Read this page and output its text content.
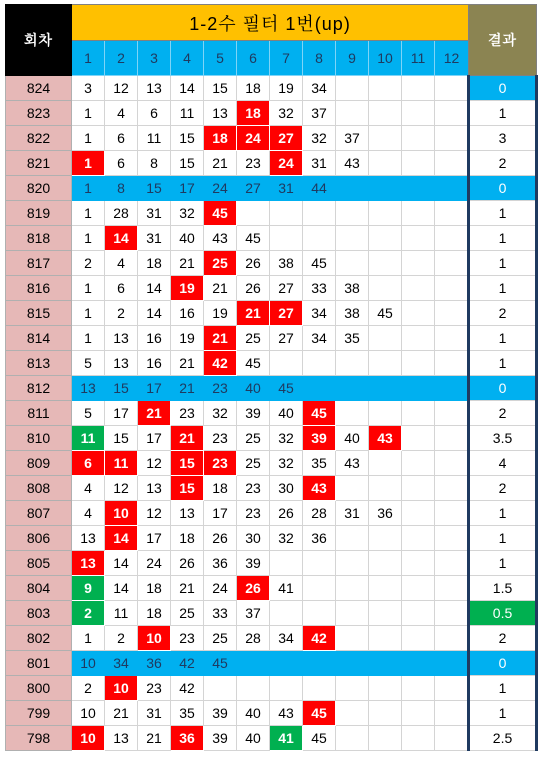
회차	1-2수 필터 1번(up)												결과
	1	2	3	4	5	6	7	8	9	10	11	12	
824	3	12	13	14	15	18	19	34					0
823	1	4	6	11	13	18	32	37					1
822	1	6	11	15	18	24	27	32	37				3
821	1	6	8	15	21	23	24	31	43				2
820	1	8	15	17	24	27	31	44					0
819	1	28	31	32	45								1
818	1	14	31	40	43	45							1
817	2	4	18	21	25	26	38	45					1
816	1	6	14	19	21	26	27	33	38				1
815	1	2	14	16	19	21	27	34	38	45			2
814	1	13	16	19	21	25	27	34	35				1
813	5	13	16	21	42	45							1
812	13	15	17	21	23	40	45						0
811	5	17	21	23	32	39	40	45					2
810	11	15	17	21	23	25	32	39	40	43			3.5
809	6	11	12	15	23	25	32	35	43				4
808	4	12	13	15	18	23	30	43					2
807	4	10	12	13	17	23	26	28	31	36			1
806	13	14	17	18	26	30	32	36					1
805	13	14	24	26	36	39							1
804	9	14	18	21	24	26	41						1.5
803	2	11	18	25	33	37							0.5
802	1	2	10	23	25	28	34	42					2
801	10	34	36	42	45								0
800	2	10	23	42									1
799	10	21	31	35	39	40	43	45					1
798	10	13	21	36	39	40	41	45					2.5
